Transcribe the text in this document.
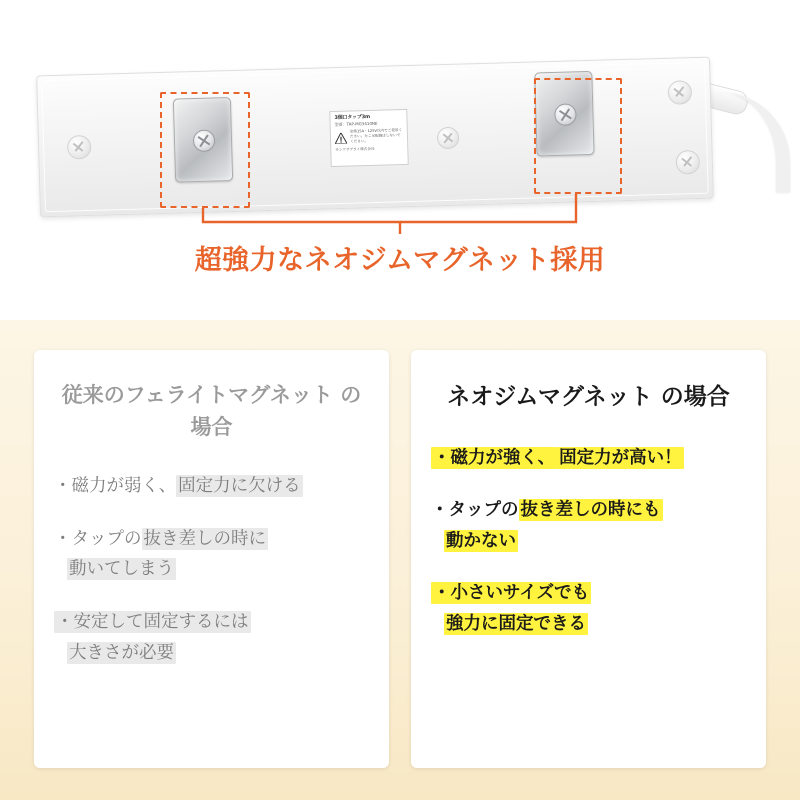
3個口タップ3m
型番：TAP-MG3410NE
定格15A・125V以内でご使用ください。たこ足配線はしないでください。
サンワサプライ株式会社
超強力なネオジムマグネット採用
従来のフェライトマグネット の場合
・磁力が弱く、 固定力に欠ける
・タップの 抜き差しの時に
動いてしまう
・安定して固定するには
大きさが必要
ネオジムマグネット の場合
・磁力が強く、 固定力が高い！
・タップの 抜き差しの時にも
動かない
・小さいサイズでも
強力に固定できる
